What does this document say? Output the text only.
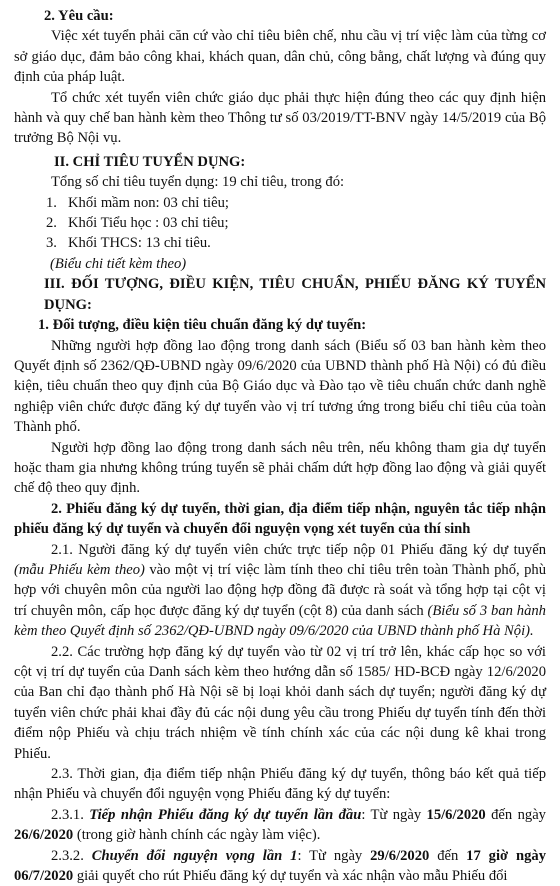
2. Yêu cầu:

Việc xét tuyển phải căn cứ vào chỉ tiêu biên chế, nhu cầu vị trí việc làm của từng cơ sở giáo dục, đảm bảo công khai, khách quan, dân chủ, công bằng, chất lượng và đúng quy định của pháp luật.

Tổ chức xét tuyển viên chức giáo dục phải thực hiện đúng theo các quy định hiện hành và quy chế ban hành kèm theo Thông tư số 03/2019/TT-BNV ngày 14/5/2019 của Bộ trưởng Bộ Nội vụ.

II. CHỈ TIÊU TUYỂN DỤNG:

Tổng số chỉ tiêu tuyển dụng: 19 chỉ tiêu, trong đó:

1. Khối mầm non: 03 chỉ tiêu;
2. Khối Tiểu học : 03 chỉ tiêu;
3. Khối THCS: 13 chỉ tiêu.

(Biểu chi tiết kèm theo)

III. ĐỐI TƯỢNG, ĐIỀU KIỆN, TIÊU CHUẨN, PHIẾU ĐĂNG KÝ TUYỂN DỤNG:

1. Đối tượng, điều kiện tiêu chuẩn đăng ký dự tuyển:

Những người hợp đồng lao động trong danh sách (Biểu số 03 ban hành kèm theo Quyết định số 2362/QĐ-UBND ngày 09/6/2020 của UBND thành phố Hà Nội) có đủ điều kiện, tiêu chuẩn theo quy định của Bộ Giáo dục và Đào tạo về tiêu chuẩn chức danh nghề nghiệp viên chức được đăng ký dự tuyển vào vị trí tương ứng trong biểu chỉ tiêu của toàn Thành phố.

Người hợp đồng lao động trong danh sách nêu trên, nếu không tham gia dự tuyển hoặc tham gia nhưng không trúng tuyển sẽ phải chấm dứt hợp đồng lao động và giải quyết chế độ theo quy định.

2. Phiếu đăng ký dự tuyển, thời gian, địa điểm tiếp nhận, nguyên tắc tiếp nhận phiếu đăng ký dự tuyển và chuyển đổi nguyện vọng xét tuyển của thí sinh

2.1. Người đăng ký dự tuyển viên chức trực tiếp nộp 01 Phiếu đăng ký dự tuyển (mẫu Phiếu kèm theo) vào một vị trí việc làm tính theo chỉ tiêu trên toàn Thành phố, phù hợp với chuyên môn của người lao động hợp đồng đã được rà soát và tổng hợp tại cột vị trí chuyên môn, cấp học được đăng ký dự tuyển (cột 8) của danh sách (Biểu số 3 ban hành kèm theo Quyết định số 2362/QĐ-UBND ngày 09/6/2020 của UBND thành phố Hà Nội).

2.2. Các trường hợp đăng ký dự tuyển vào từ 02 vị trí trở lên, khác cấp học so với cột vị trí dự tuyển của Danh sách kèm theo hướng dẫn số 1585/ HD-BCĐ ngày 12/6/2020 của Ban chỉ đạo thành phố Hà Nội sẽ bị loại khỏi danh sách dự tuyển; người đăng ký dự tuyển viên chức phải khai đầy đủ các nội dung yêu cầu trong Phiếu dự tuyển tính đến thời điểm nộp Phiếu và chịu trách nhiệm về tính chính xác của các nội dung kê khai trong Phiếu.

2.3. Thời gian, địa điểm tiếp nhận Phiếu đăng ký dự tuyển, thông báo kết quả tiếp nhận Phiếu và chuyển đổi nguyện vọng Phiếu đăng ký dự tuyển:

2.3.1. Tiếp nhận Phiếu đăng ký dự tuyển lần đầu: Từ ngày 15/6/2020 đến ngày 26/6/2020 (trong giờ hành chính các ngày làm việc).

2.3.2. Chuyển đổi nguyện vọng lần 1: Từ ngày 29/6/2020 đến 17 giờ ngày 06/7/2020 giải quyết cho rút Phiếu đăng ký dự tuyển và xác nhận vào mẫu Phiếu đổi
